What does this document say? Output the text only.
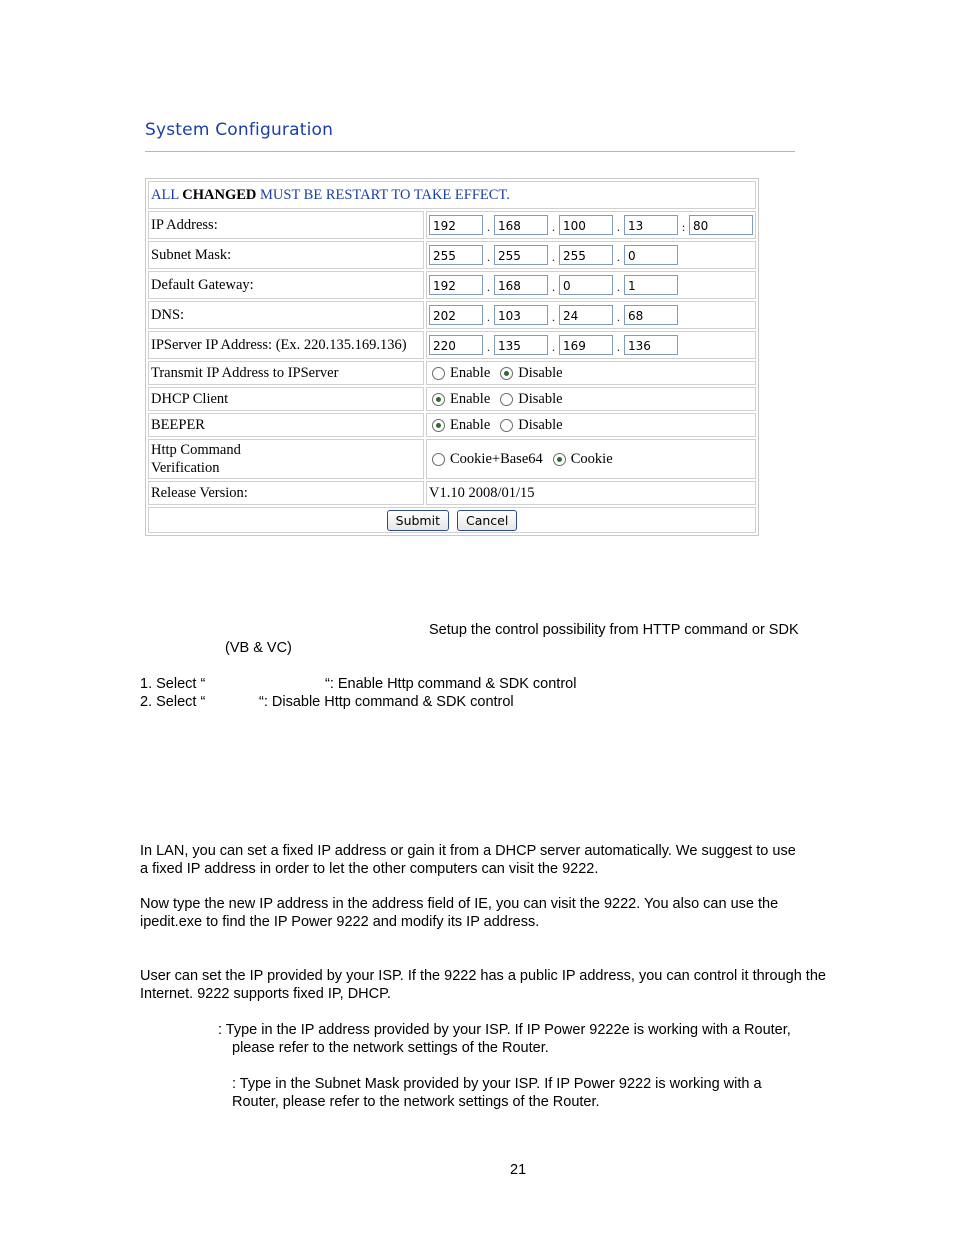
System Configuration
ALL CHANGED MUST BE RESTART TO TAKE EFFECT.	
IP Address:	192 . 168 . 100 . 13 : 80
Subnet Mask:	255 . 255 . 255 . 0
Default Gateway:	192 . 168 . 0 . 1
DNS:	202 . 103 . 24 . 68
IPServer IP Address: (Ex. 220.135.169.136)	220 . 135 . 169 . 136
Transmit IP Address to IPServer	Enable Disable
DHCP Client	Enable Disable
BEEPER	Enable Disable
Http Command
Verification	Cookie+Base64 Cookie
Release Version:	V1.10 2008/01/15
Submit Cancel	
Setup the control possibility from HTTP command or SDK
(VB & VC)
1. Select “	“: Enable Http command & SDK control
2. Select “	“: Disable Http command & SDK control
In LAN, you can set a fixed IP address or gain it from a DHCP server automatically. We suggest to use
a fixed IP address in order to let the other computers can visit the 9222.
Now type the new IP address in the address field of IE, you can visit the 9222. You also can use the
ipedit.exe to find the IP Power 9222 and modify its IP address.
User can set the IP provided by your ISP. If the 9222 has a public IP address, you can control it through the
Internet. 9222 supports fixed IP, DHCP.
: Type in the IP address provided by your ISP. If IP Power 9222e is working with a Router,
please refer to the network settings of the Router.
: Type in the Subnet Mask provided by your ISP. If IP Power 9222 is working with a
Router, please refer to the network settings of the Router.
21
